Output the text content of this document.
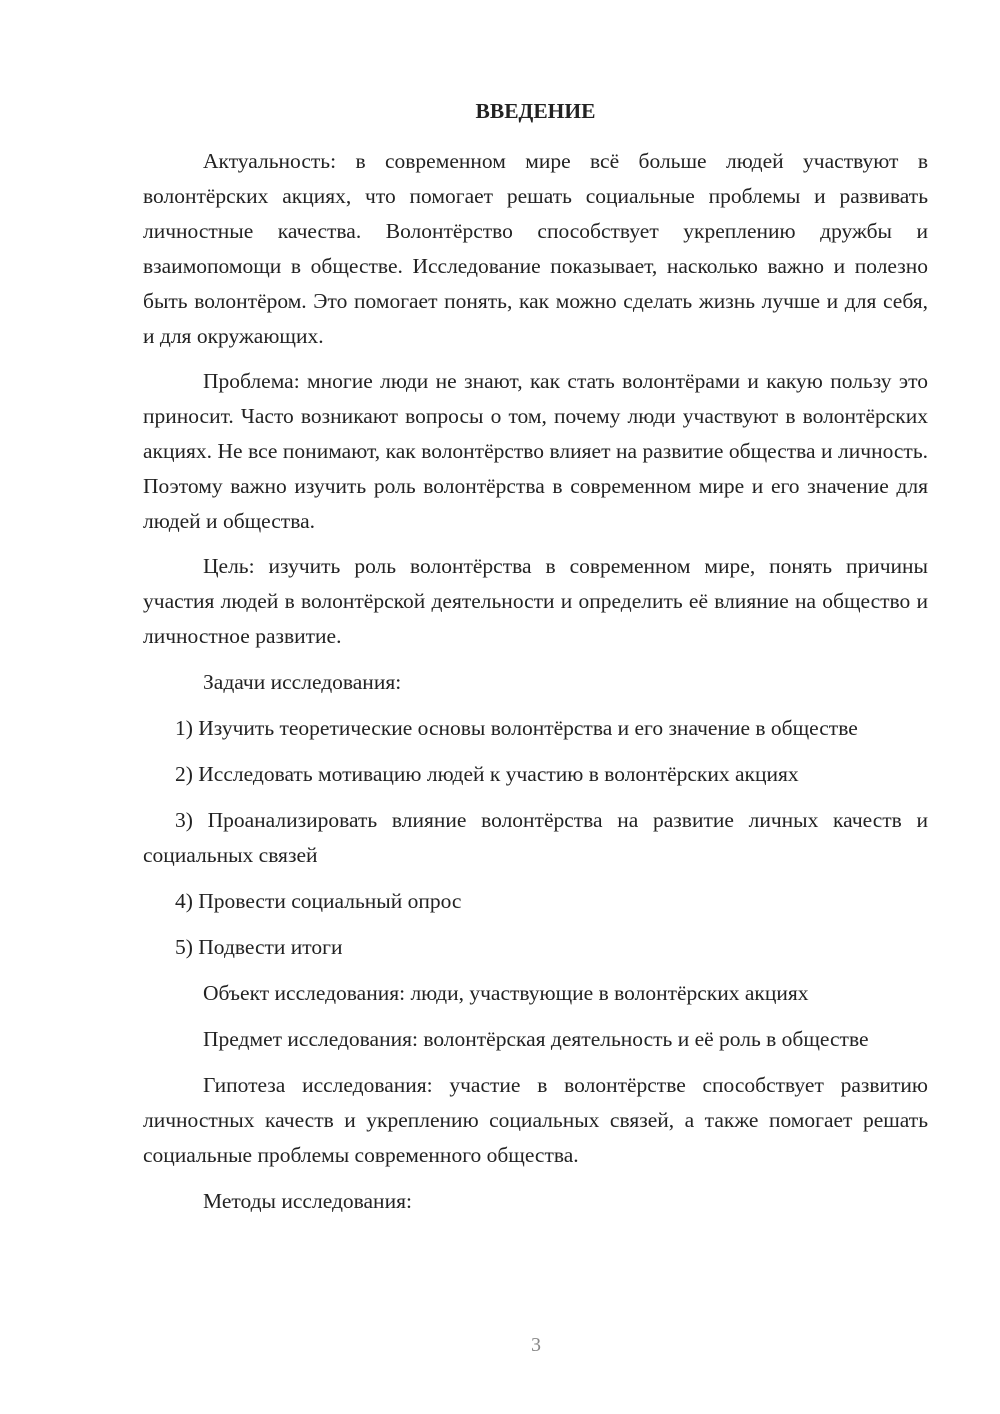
ВВЕДЕНИЕ

Актуальность: в современном мире всё больше людей участвуют в волонтёрских акциях, что помогает решать социальные проблемы и развивать личностные качества. Волонтёрство способствует укреплению дружбы и взаимопомощи в обществе. Исследование показывает, насколько важно и полезно быть волонтёром. Это помогает понять, как можно сделать жизнь лучше и для себя, и для окружающих.

Проблема: многие люди не знают, как стать волонтёрами и какую пользу это приносит. Часто возникают вопросы о том, почему люди участвуют в волонтёрских акциях. Не все понимают, как волонтёрство влияет на развитие общества и личность. Поэтому важно изучить роль волонтёрства в современном мире и его значение для людей и общества.

Цель: изучить роль волонтёрства в современном мире, понять причины участия людей в волонтёрской деятельности и определить её влияние на общество и личностное развитие.

Задачи исследования:

1) Изучить теоретические основы волонтёрства и его значение в обществе

2) Исследовать мотивацию людей к участию в волонтёрских акциях

3) Проанализировать влияние волонтёрства на развитие личных качеств и социальных связей

4) Провести социальный опрос

5) Подвести итоги

Объект исследования: люди, участвующие в волонтёрских акциях

Предмет исследования: волонтёрская деятельность и её роль в обществе

Гипотеза исследования: участие в волонтёрстве способствует развитию личностных качеств и укреплению социальных связей, а также помогает решать социальные проблемы современного общества.

Методы исследования:

3
